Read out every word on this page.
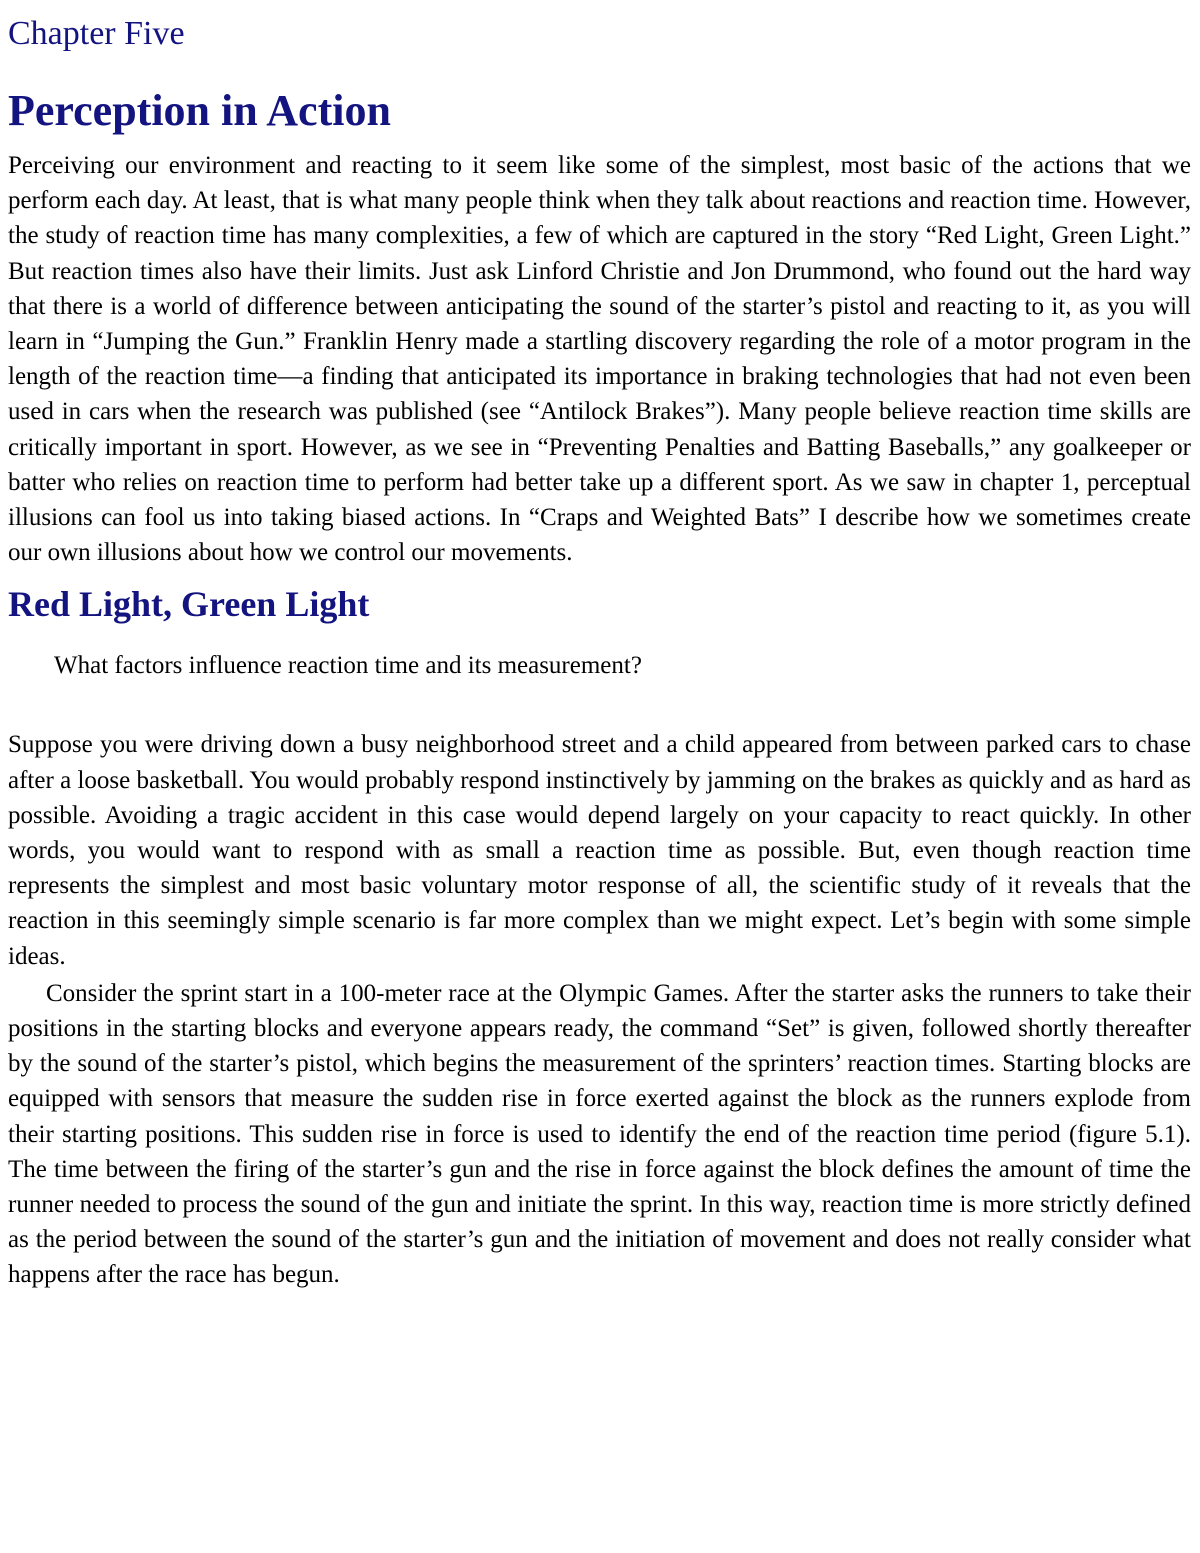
Chapter Five
Perception in Action

Perceiving our environment and reacting to it seem like some of the simplest, most basic of the actions that we perform each day. At least, that is what many people think when they talk about reactions and reaction time. However, the study of reaction time has many complexities, a few of which are captured in the story “Red Light, Green Light.” But reaction times also have their limits. Just ask Linford Christie and Jon Drummond, who found out the hard way that there is a world of difference between anticipating the sound of the starter’s pistol and reacting to it, as you will learn in “Jumping the Gun.” Franklin Henry made a startling discovery regarding the role of a motor program in the length of the reaction time—a finding that anticipated its importance in braking technologies that had not even been used in cars when the research was published (see “Antilock Brakes”). Many people believe reaction time skills are critically important in sport. However, as we see in “Preventing Penalties and Batting Baseballs,” any goalkeeper or batter who relies on reaction time to perform had better take up a different sport. As we saw in chapter 1, perceptual illusions can fool us into taking biased actions. In “Craps and Weighted Bats” I describe how we sometimes create our own illusions about how we control our movements.

Red Light, Green Light

What factors influence reaction time and its measurement?

Suppose you were driving down a busy neighborhood street and a child appeared from between parked cars to chase after a loose basketball. You would probably respond instinctively by jamming on the brakes as quickly and as hard as possible. Avoiding a tragic accident in this case would depend largely on your capacity to react quickly. In other words, you would want to respond with as small a reaction time as possible. But, even though reaction time represents the simplest and most basic voluntary motor response of all, the scientific study of it reveals that the reaction in this seemingly simple scenario is far more complex than we might expect. Let’s begin with some simple ideas.

Consider the sprint start in a 100-meter race at the Olympic Games. After the starter asks the runners to take their positions in the starting blocks and everyone appears ready, the command “Set” is given, followed shortly thereafter by the sound of the starter’s pistol, which begins the measurement of the sprinters’ reaction times. Starting blocks are equipped with sensors that measure the sudden rise in force exerted against the block as the runners explode from their starting positions. This sudden rise in force is used to identify the end of the reaction time period (figure 5.1). The time between the firing of the starter’s gun and the rise in force against the block defines the amount of time the runner needed to process the sound of the gun and initiate the sprint. In this way, reaction time is more strictly defined as the period between the sound of the starter’s gun and the initiation of movement and does not really consider what happens after the race has begun.
